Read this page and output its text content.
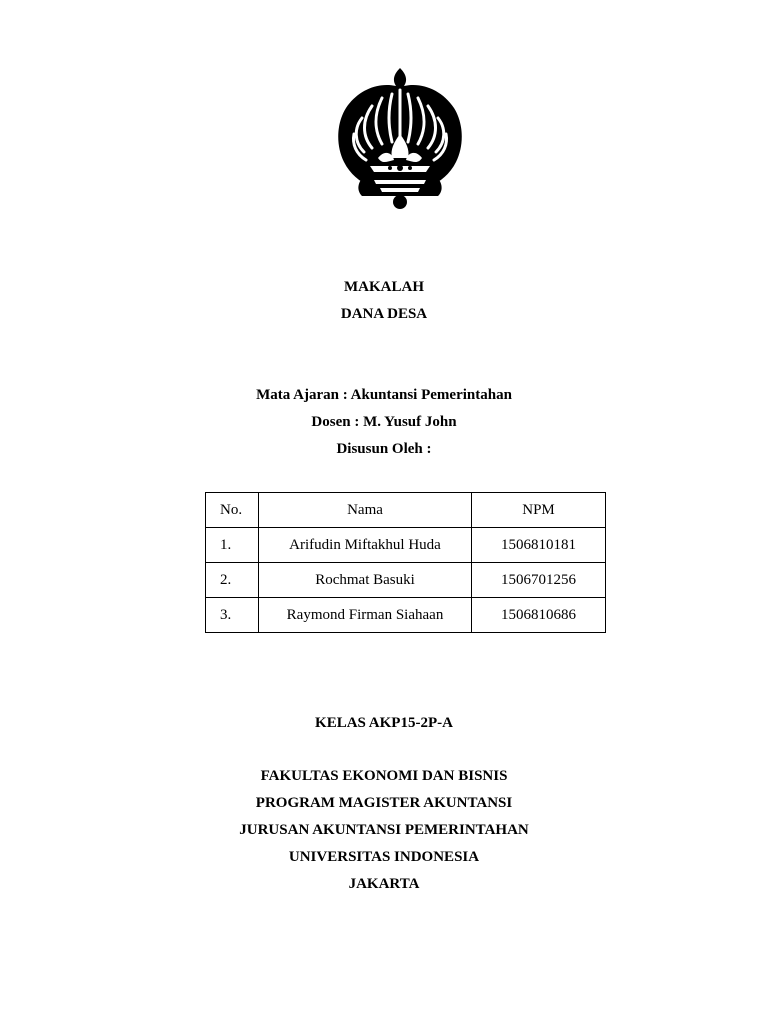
MAKALAH

DANA DESA

Mata Ajaran : Akuntansi Pemerintahan

Dosen : M. Yusuf John

Disusun Oleh :

No.	Nama	NPM
1.	Arifudin Miftakhul Huda	1506810181
2.	Rochmat Basuki	1506701256
3.	Raymond Firman Siahaan	1506810686

KELAS AKP15-2P-A

FAKULTAS EKONOMI DAN BISNIS

PROGRAM MAGISTER AKUNTANSI

JURUSAN AKUNTANSI PEMERINTAHAN

UNIVERSITAS INDONESIA

JAKARTA
